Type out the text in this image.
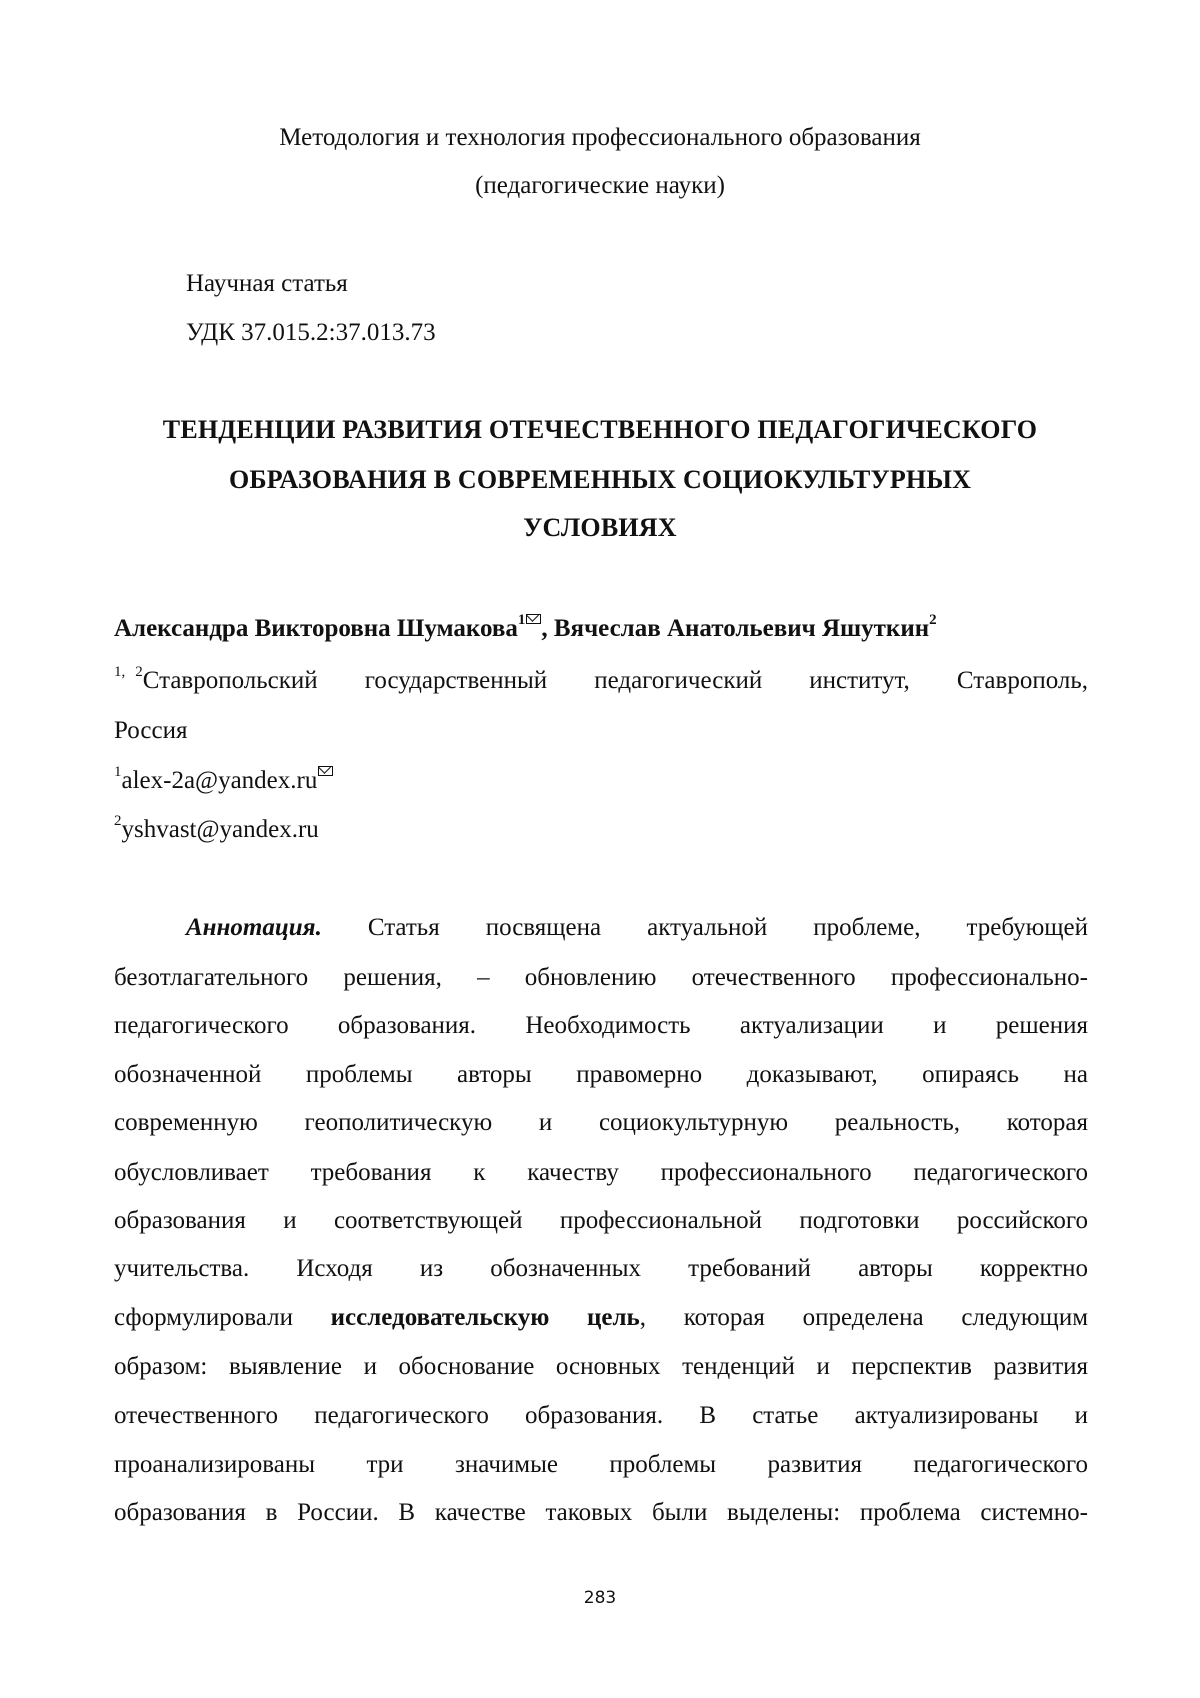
Методология и технология профессионального образования
(педагогические науки)
Научная статья
УДК 37.015.2:37.013.73
ТЕНДЕНЦИИ РАЗВИТИЯ ОТЕЧЕСТВЕННОГО ПЕДАГОГИЧЕСКОГО
ОБРАЗОВАНИЯ В СОВРЕМЕННЫХ СОЦИОКУЛЬТУРНЫХ
УСЛОВИЯХ
Александра Викторовна Шумакова$^1$ , Вячеслав Анатольевич Яшуткин$^2$
$^{1,}$ $^2$Ставропольский государственный педагогический институт, Ставрополь,
Россия
$^1$alex-2a@yandex.ru
$^2$yshvast@yandex.ru
Аннотация. Статья посвящена актуальной проблеме, требующей
безотлагательного решения, – обновлению отечественного профессионально-
педагогического образования. Необходимость актуализации и решения
обозначенной проблемы авторы правомерно доказывают, опираясь на
современную геополитическую и социокультурную реальность, которая
обусловливает требования к качеству профессионального педагогического
образования и соответствующей профессиональной подготовки российского
учительства. Исходя из обозначенных требований авторы корректно
сформулировали исследовательскую цель, которая определена следующим
образом: выявление и обоснование основных тенденций и перспектив развития
отечественного педагогического образования. В статье актуализированы и
проанализированы три значимые проблемы развития педагогического
образования в России. В качестве таковых были выделены: проблема системно-
283
